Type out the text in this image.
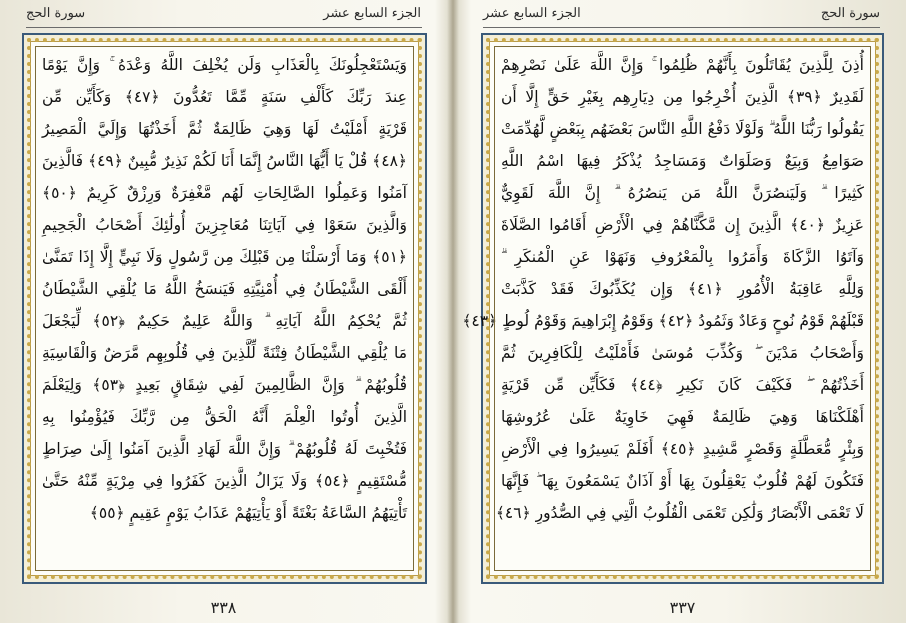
سورة الحج	الجزء السابع عشر
وَيَسْتَعْجِلُونَكَ بِالْعَذَابِ وَلَن يُخْلِفَ اللَّهُ وَعْدَهُ ۚ وَإِنَّ يَوْمًا
عِندَ رَبِّكَ كَأَلْفِ سَنَةٍ مِّمَّا تَعُدُّونَ ﴿٤٧﴾ وَكَأَيِّن مِّن
قَرْيَةٍ أَمْلَيْتُ لَهَا وَهِيَ ظَالِمَةٌ ثُمَّ أَخَذْتُهَا وَإِلَيَّ الْمَصِيرُ
﴿٤٨﴾ قُلْ يَا أَيُّهَا النَّاسُ إِنَّمَا أَنَا لَكُمْ نَذِيرٌ مُّبِينٌ ﴿٤٩﴾ فَالَّذِينَ
آمَنُوا وَعَمِلُوا الصَّالِحَاتِ لَهُم مَّغْفِرَةٌ وَرِزْقٌ كَرِيمٌ ﴿٥٠﴾
وَالَّذِينَ سَعَوْا فِي آيَاتِنَا مُعَاجِزِينَ أُولَٰئِكَ أَصْحَابُ الْجَحِيمِ
﴿٥١﴾ وَمَا أَرْسَلْنَا مِن قَبْلِكَ مِن رَّسُولٍ وَلَا نَبِيٍّ إِلَّا إِذَا تَمَنَّىٰ
أَلْقَى الشَّيْطَانُ فِي أُمْنِيَّتِهِ فَيَنسَخُ اللَّهُ مَا يُلْقِي الشَّيْطَانُ
ثُمَّ يُحْكِمُ اللَّهُ آيَاتِهِ ۗ وَاللَّهُ عَلِيمٌ حَكِيمٌ ﴿٥٢﴾ لِّيَجْعَلَ
مَا يُلْقِي الشَّيْطَانُ فِتْنَةً لِّلَّذِينَ فِي قُلُوبِهِم مَّرَضٌ وَالْقَاسِيَةِ
قُلُوبُهُمْ ۗ وَإِنَّ الظَّالِمِينَ لَفِي شِقَاقٍ بَعِيدٍ ﴿٥٣﴾ وَلِيَعْلَمَ
الَّذِينَ أُوتُوا الْعِلْمَ أَنَّهُ الْحَقُّ مِن رَّبِّكَ فَيُؤْمِنُوا بِهِ
فَتُخْبِتَ لَهُ قُلُوبُهُمْ ۗ وَإِنَّ اللَّهَ لَهَادِ الَّذِينَ آمَنُوا إِلَىٰ صِرَاطٍ
مُّسْتَقِيمٍ ﴿٥٤﴾ وَلَا يَزَالُ الَّذِينَ كَفَرُوا فِي مِرْيَةٍ مِّنْهُ حَتَّىٰ
تَأْتِيَهُمُ السَّاعَةُ بَغْتَةً أَوْ يَأْتِيَهُمْ عَذَابُ يَوْمٍ عَقِيمٍ ﴿٥٥﴾
٣٣٨
الجزء السابع عشر	سورة الحج
أُذِنَ لِلَّذِينَ يُقَاتَلُونَ بِأَنَّهُمْ ظُلِمُوا ۚ وَإِنَّ اللَّهَ عَلَىٰ نَصْرِهِمْ
لَقَدِيرٌ ﴿٣٩﴾ الَّذِينَ أُخْرِجُوا مِن دِيَارِهِم بِغَيْرِ حَقٍّ إِلَّا أَن
يَقُولُوا رَبُّنَا اللَّهُ ۗ وَلَوْلَا دَفْعُ اللَّهِ النَّاسَ بَعْضَهُم بِبَعْضٍ لَّهُدِّمَتْ
صَوَامِعُ وَبِيَعٌ وَصَلَوَاتٌ وَمَسَاجِدُ يُذْكَرُ فِيهَا اسْمُ اللَّهِ
كَثِيرًا ۗ وَلَيَنصُرَنَّ اللَّهُ مَن يَنصُرُهُ ۗ إِنَّ اللَّهَ لَقَوِيٌّ
عَزِيزٌ ﴿٤٠﴾ الَّذِينَ إِن مَّكَّنَّاهُمْ فِي الْأَرْضِ أَقَامُوا الصَّلَاةَ
وَآتَوُا الزَّكَاةَ وَأَمَرُوا بِالْمَعْرُوفِ وَنَهَوْا عَنِ الْمُنكَرِ ۗ
وَلِلَّهِ عَاقِبَةُ الْأُمُورِ ﴿٤١﴾ وَإِن يُكَذِّبُوكَ فَقَدْ كَذَّبَتْ
قَبْلَهُمْ قَوْمُ نُوحٍ وَعَادٌ وَثَمُودُ ﴿٤٢﴾ وَقَوْمُ إِبْرَاهِيمَ وَقَوْمُ لُوطٍ ﴿٤٣﴾
وَأَصْحَابُ مَدْيَنَ ۖ وَكُذِّبَ مُوسَىٰ فَأَمْلَيْتُ لِلْكَافِرِينَ ثُمَّ
أَخَذْتُهُمْ ۖ فَكَيْفَ كَانَ نَكِيرِ ﴿٤٤﴾ فَكَأَيِّن مِّن قَرْيَةٍ
أَهْلَكْنَاهَا وَهِيَ ظَالِمَةٌ فَهِيَ خَاوِيَةٌ عَلَىٰ عُرُوشِهَا
وَبِئْرٍ مُّعَطَّلَةٍ وَقَصْرٍ مَّشِيدٍ ﴿٤٥﴾ أَفَلَمْ يَسِيرُوا فِي الْأَرْضِ
فَتَكُونَ لَهُمْ قُلُوبٌ يَعْقِلُونَ بِهَا أَوْ آذَانٌ يَسْمَعُونَ بِهَا ۖ فَإِنَّهَا
لَا تَعْمَى الْأَبْصَارُ وَلَٰكِن تَعْمَى الْقُلُوبُ الَّتِي فِي الصُّدُورِ ﴿٤٦﴾
٣٣٧
